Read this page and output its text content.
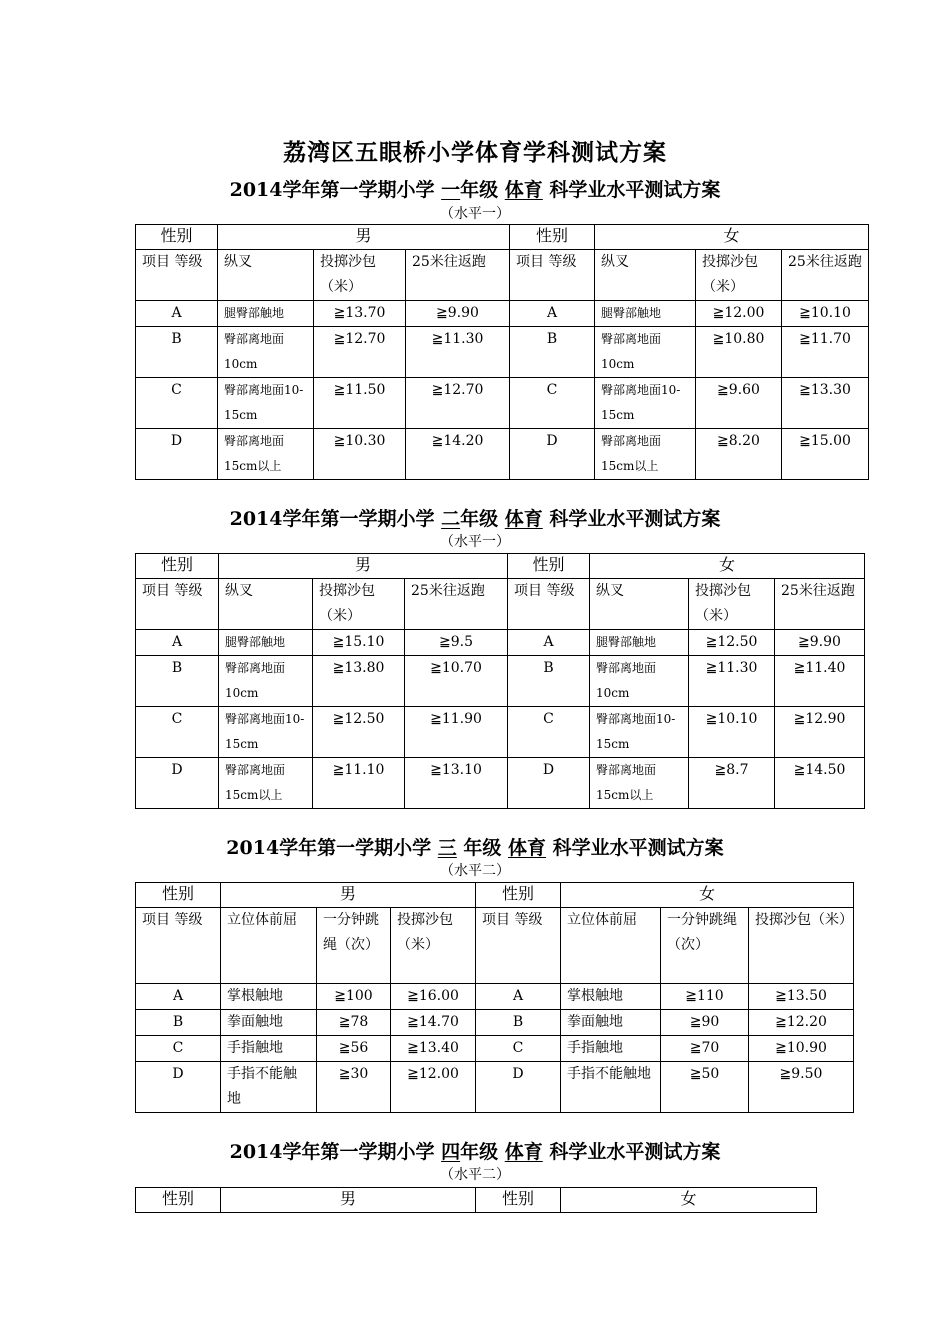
荔湾区五眼桥小学体育学科测试方案
2014学年第一学期小学 一年级 体育 科学业水平测试方案
（水平一）
性别	男			性别	女		
项目 等级	纵叉	投掷沙包（米）	25米往返跑	项目 等级	纵叉	投掷沙包（米）	25米往返跑
A	腿臀部触地	≧13.70	≧9.90	A	腿臀部触地	≧12.00	≧10.10
B	臀部离地面10cm	≧12.70	≧11.30	B	臀部离地面10cm	≧10.80	≧11.70
C	臀部离地面10-15cm	≧11.50	≧12.70	C	臀部离地面10-15cm	≧9.60	≧13.30
D	臀部离地面15cm以上	≧10.30	≧14.20	D	臀部离地面15cm以上	≧8.20	≧15.00
2014学年第一学期小学 二年级 体育 科学业水平测试方案
（水平一）
性别	男			性别	女		
项目 等级	纵叉	投掷沙包（米）	25米往返跑	项目 等级	纵叉	投掷沙包（米）	25米往返跑
A	腿臀部触地	≧15.10	≧9.5	A	腿臀部触地	≧12.50	≧9.90
B	臀部离地面10cm	≧13.80	≧10.70	B	臀部离地面10cm	≧11.30	≧11.40
C	臀部离地面10-15cm	≧12.50	≧11.90	C	臀部离地面10-15cm	≧10.10	≧12.90
D	臀部离地面15cm以上	≧11.10	≧13.10	D	臀部离地面15cm以上	≧8.7	≧14.50
2014学年第一学期小学 三 年级 体育 科学业水平测试方案
（水平二）
性别	男			性别	女		
项目 等级	立位体前屈	一分钟跳绳（次）	投掷沙包（米）	项目 等级	立位体前屈	一分钟跳绳（次）	投掷沙包（米）
A	掌根触地	≧100	≧16.00	A	掌根触地	≧110	≧13.50
B	拳面触地	≧78	≧14.70	B	拳面触地	≧90	≧12.20
C	手指触地	≧56	≧13.40	C	手指触地	≧70	≧10.90
D	手指不能触地	≧30	≧12.00	D	手指不能触地	≧50	≧9.50
2014学年第一学期小学 四年级 体育 科学业水平测试方案
（水平二）
性别	男	性别	女
